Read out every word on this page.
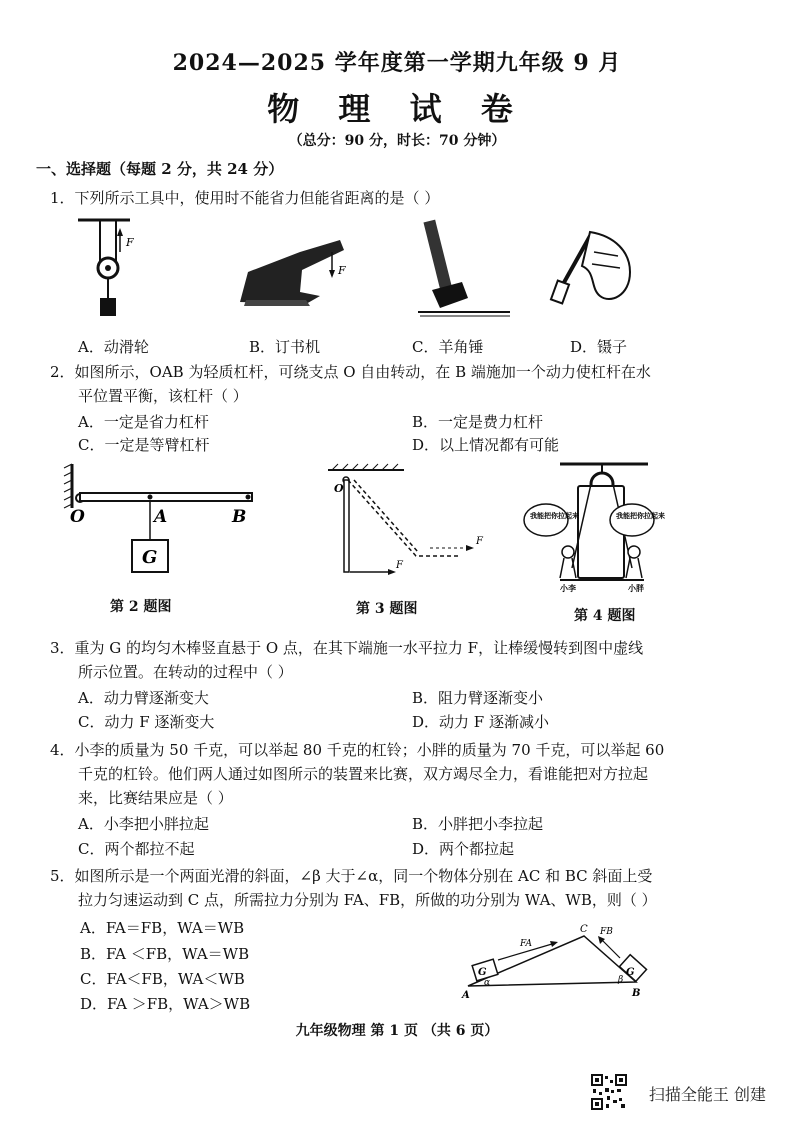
2024—2025 学年度第一学期九年级 9 月
物 理 试 卷
（总分：90 分，时长：70 分钟）
一、选择题（每题 2 分，共 24 分）
1．下列所示工具中，使用时不能省力但能省距离的是（ ）
F
F
A．动滑轮	B．订书机	C．羊角锤	D．镊子
2．如图所示，OAB 为轻质杠杆，可绕支点 O 自由转动，在 B 端施加一个动力使杠杆在水
平位置平衡，该杠杆（ ）
A．一定是省力杠杆	B．一定是费力杠杆
C．一定是等臂杠杆	D．以上情况都有可能
G
O	A	B
O
F
F
我能把你拉起来	我能把你拉起来
小李	小胖
第 2 题图	第 3 题图	第 4 题图
3．重为 G 的均匀木棒竖直悬于 O 点，在其下端施一水平拉力 F，让棒缓慢转到图中虚线
所示位置。在转动的过程中（ ）
A．动力臂逐渐变大	B．阻力臂逐渐变小
C．动力 F 逐渐变大	D．动力 F 逐渐减小
4．小李的质量为 50 千克，可以举起 80 千克的杠铃；小胖的质量为 70 千克，可以举起 60
千克的杠铃。他们两人通过如图所示的装置来比赛，双方竭尽全力，看谁能把对方拉起
来，比赛结果应是（ ）
A．小李把小胖拉起	B．小胖把小李拉起
C．两个都拉不起	D．两个都拉起
5．如图所示是一个两面光滑的斜面，∠β 大于∠α，同一个物体分别在 AC 和 BC 斜面上受
拉力匀速运动到 C 点，所需拉力分别为 FA、FB，所做的功分别为 WA、WB，则（ ）
A．FA＝FB，WA＝WB
B．FA ＜FB，WA＝WB
C．FA＜FB，WA＜WB
D．FA ＞FB，WA＞WB
G	G
FA
FB
C
A	B
α	β
九年级物理 第 1 页 （共 6 页）
扫描全能王 创建
